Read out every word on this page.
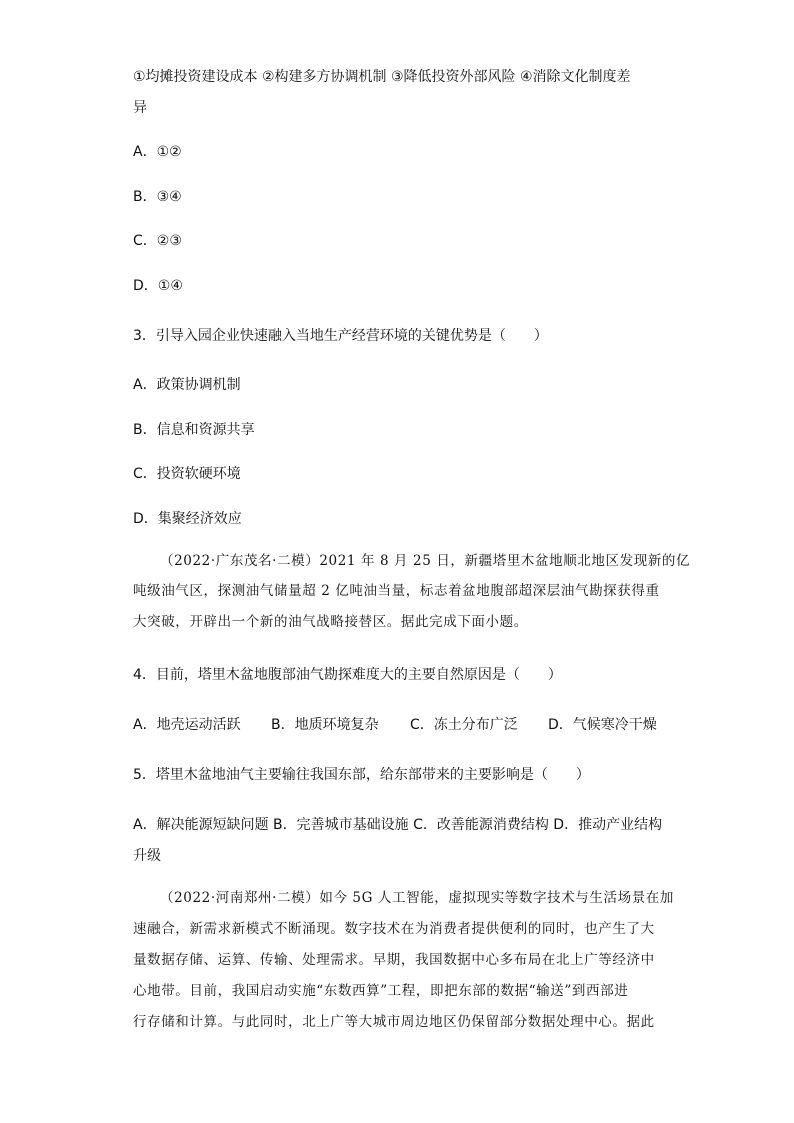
①均摊投资建设成本 ②构建多方协调机制 ③降低投资外部风险 ④消除文化制度差
异
A．①②
B．③④
C．②③
D．①④
3．引导入园企业快速融入当地生产经营环境的关键优势是（　　）
A．政策协调机制
B．信息和资源共享
C．投资软硬环境
D．集聚经济效应
（2022·广东茂名·二模）2021 年 8 月 25 日，新疆塔里木盆地顺北地区发现新的亿
吨级油气区，探测油气储量超 2 亿吨油当量，标志着盆地腹部超深层油气勘探获得重
大突破，开辟出一个新的油气战略接替区。据此完成下面小题。
4．目前，塔里木盆地腹部油气勘探难度大的主要自然原因是（　　）
A．地壳运动活跃 B．地质环境复杂 C．冻土分布广泛 D．气候寒冷干燥
5．塔里木盆地油气主要输往我国东部，给东部带来的主要影响是（　　）
A．解决能源短缺问题 B．完善城市基础设施 C．改善能源消费结构 D．推动产业结构
升级
（2022·河南郑州·二模）如今 5G 人工智能，虚拟现实等数字技术与生活场景在加
速融合，新需求新模式不断涌现。数字技术在为消费者提供便利的同时，也产生了大
量数据存储、运算、传输、处理需求。早期，我国数据中心多布局在北上广等经济中
心地带。目前，我国启动实施“东数西算”工程，即把东部的数据“输送”到西部进
行存储和计算。与此同时，北上广等大城市周边地区仍保留部分数据处理中心。据此
